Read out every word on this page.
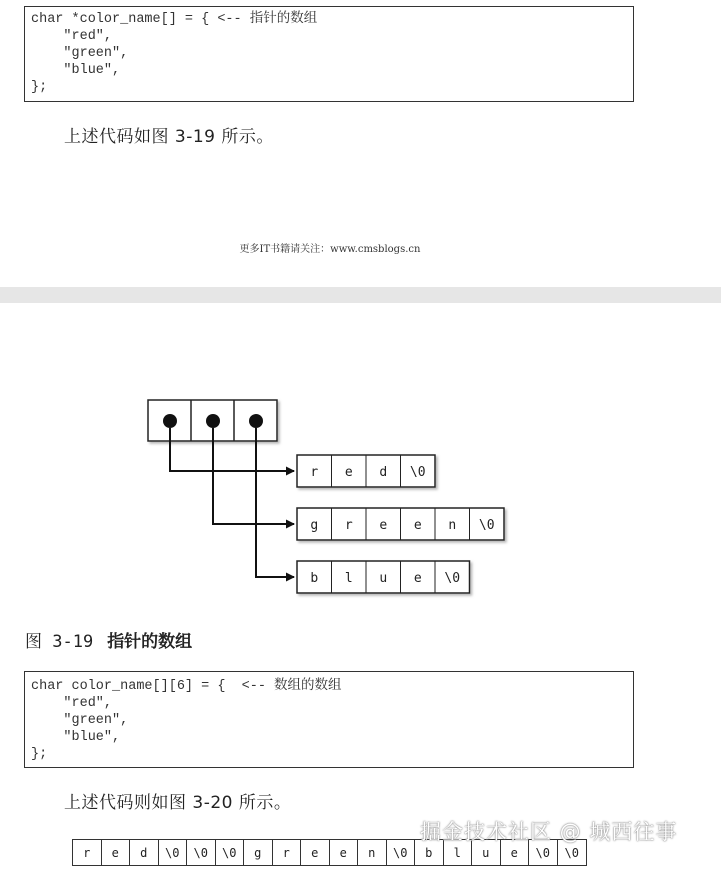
char *color_name[] = { <-- 指针的数组
"red",
"green",
"blue",
};
上述代码如图 3-19 所示。
更多IT书籍请关注：www.cmsblogs.cn
r e d \0
g r e e n \0
b l u e \0
图 3-19 指针的数组
char color_name[][6] = {  <-- 数组的数组
"red",
"green",
"blue",
};
上述代码则如图 3-20 所示。
r	e	d	\0	\0	\0	g	r	e	e	n	\0	b	l	u	e	\0	\0
掘金技术社区 @ 城西往事
